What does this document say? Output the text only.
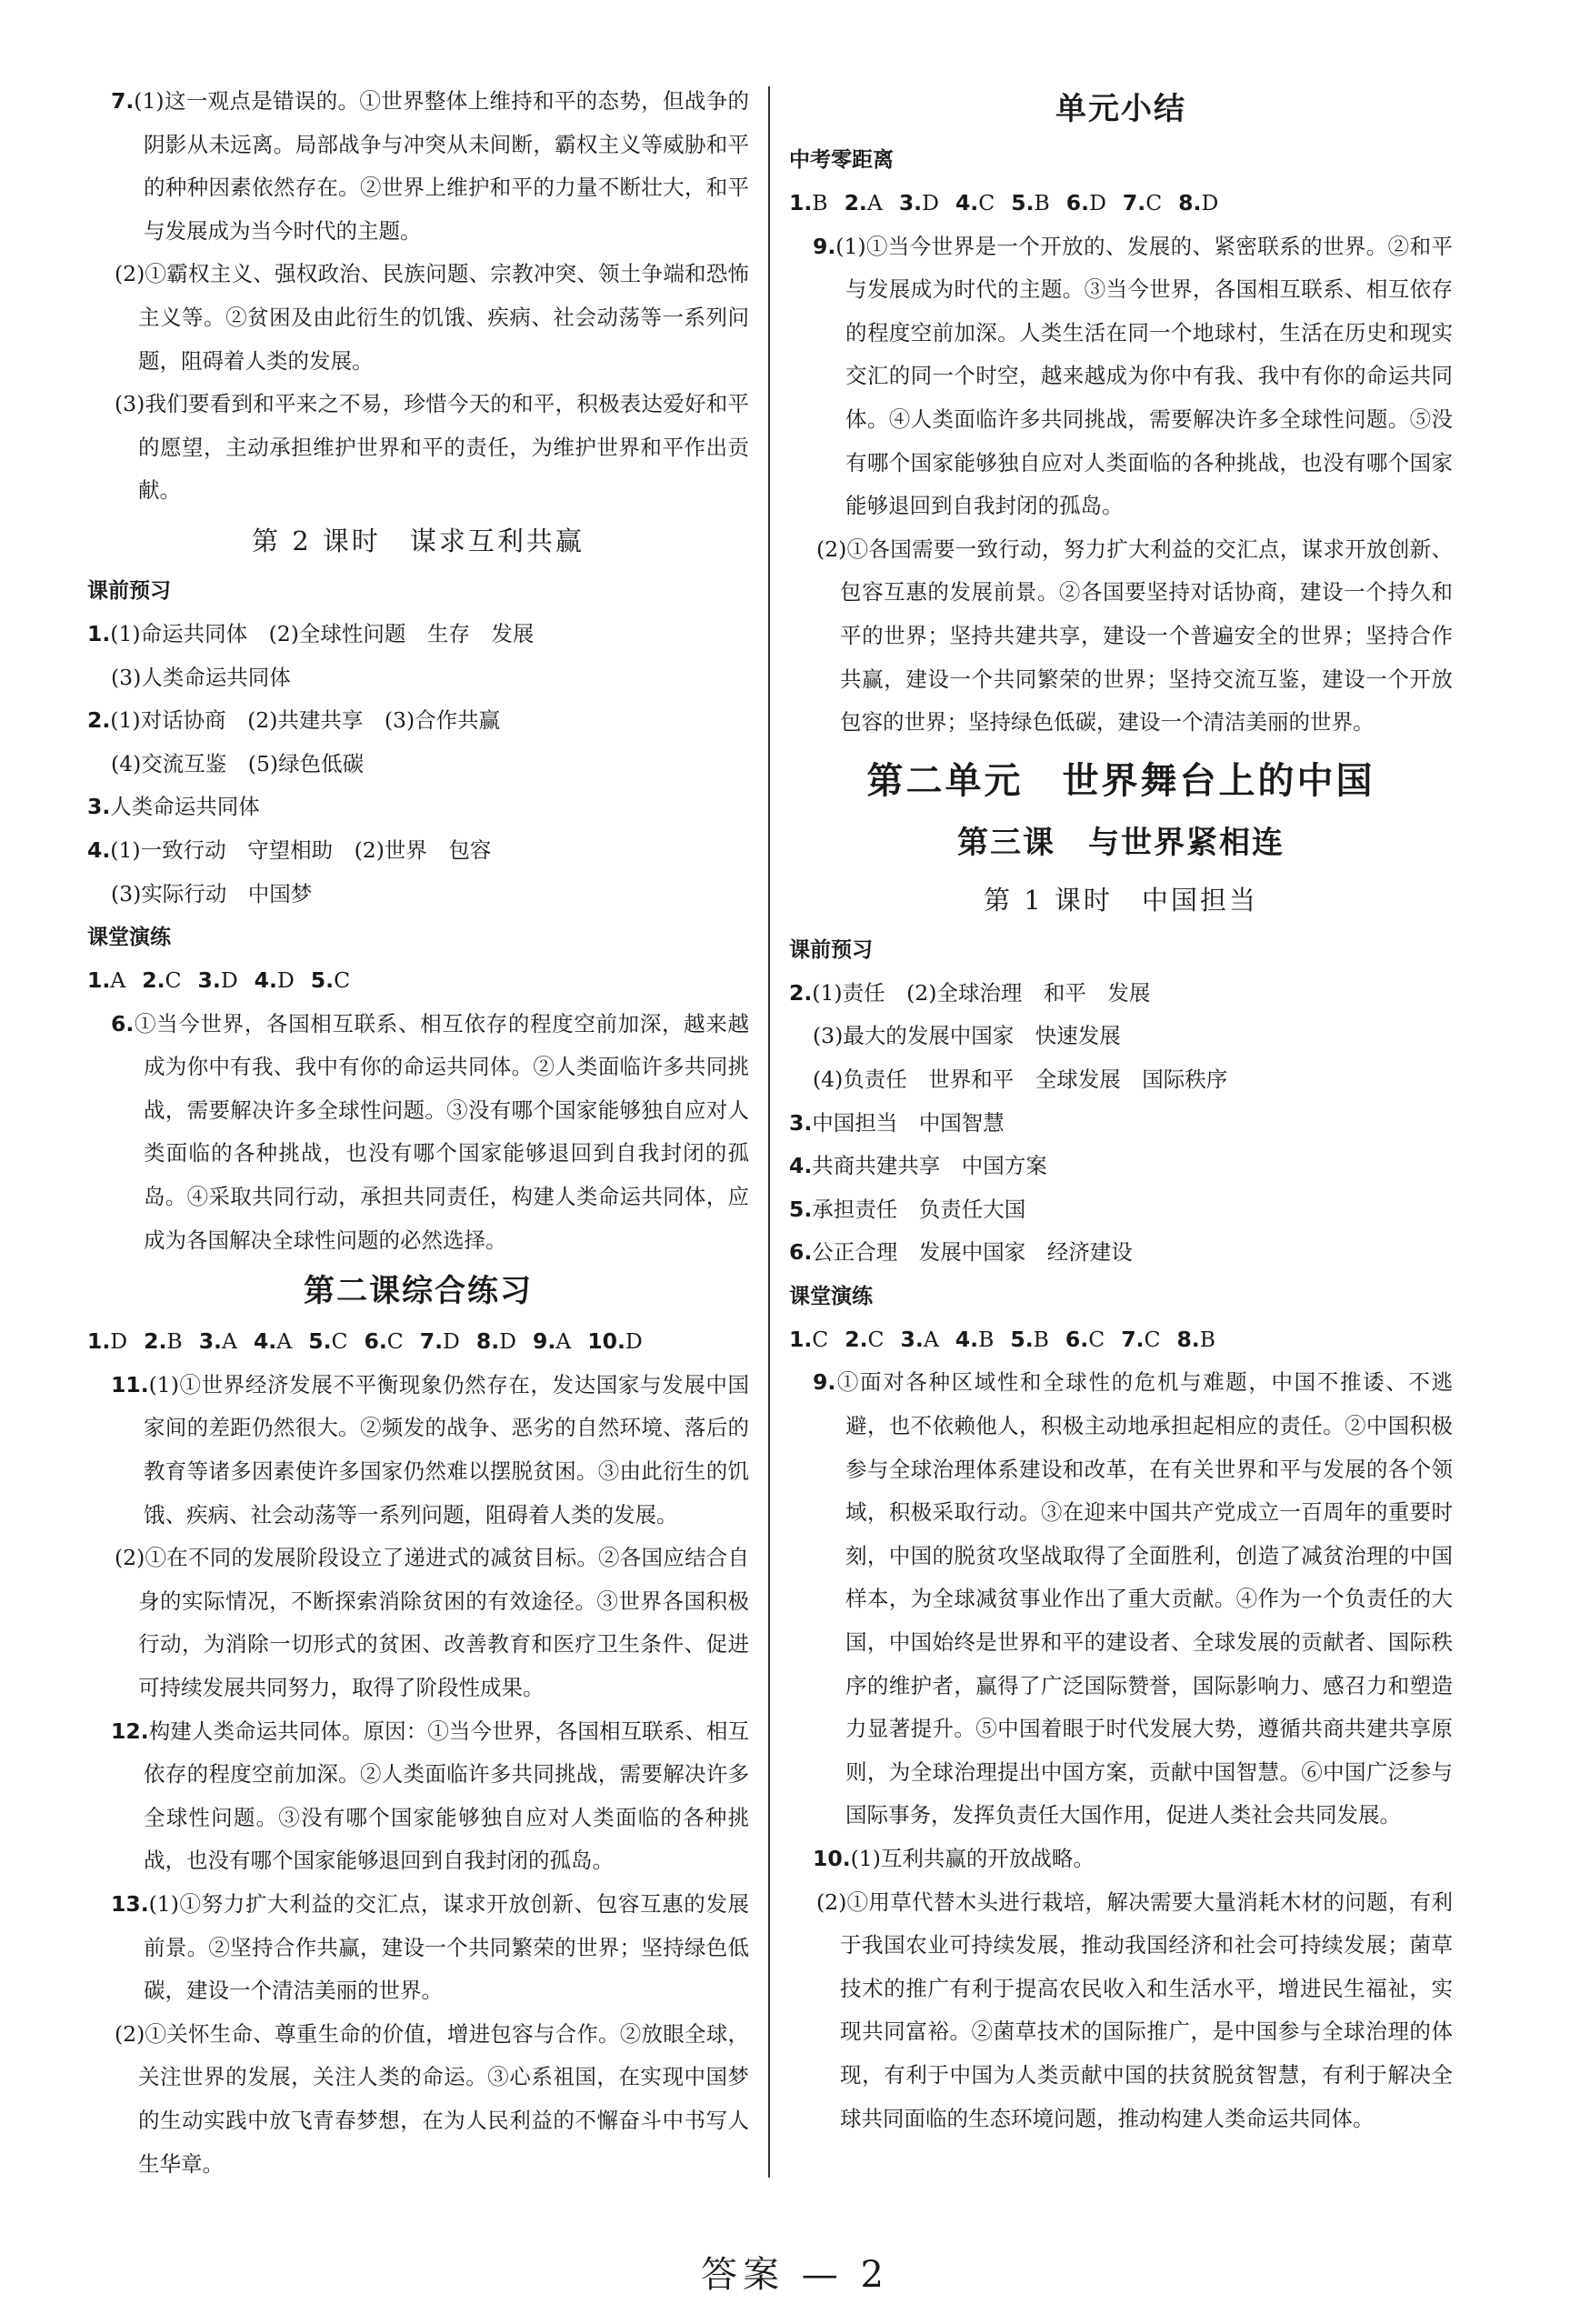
7.(1)这一观点是错误的。①世界整体上维持和平的态势，但战争的阴影从未远离。局部战争与冲突从未间断，霸权主义等威胁和平的种种因素依然存在。②世界上维护和平的力量不断壮大，和平与发展成为当今时代的主题。

(2)①霸权主义、强权政治、民族问题、宗教冲突、领土争端和恐怖主义等。②贫困及由此衍生的饥饿、疾病、社会动荡等一系列问题，阻碍着人类的发展。

(3)我们要看到和平来之不易，珍惜今天的和平，积极表达爱好和平的愿望，主动承担维护世界和平的责任，为维护世界和平作出贡献。

第 2 课时　谋求互利共赢

课前预习

1.(1)命运共同体　(2)全球性问题　生存　发展

(3)人类命运共同体

2.(1)对话协商　(2)共建共享　(3)合作共赢

(4)交流互鉴　(5)绿色低碳

3.人类命运共同体

4.(1)一致行动　守望相助　(2)世界　包容

(3)实际行动　中国梦

课堂演练

1.A 2.C 3.D 4.D 5.C

6.①当今世界，各国相互联系、相互依存的程度空前加深，越来越成为你中有我、我中有你的命运共同体。②人类面临许多共同挑战，需要解决许多全球性问题。③没有哪个国家能够独自应对人类面临的各种挑战，也没有哪个国家能够退回到自我封闭的孤岛。④采取共同行动，承担共同责任，构建人类命运共同体，应成为各国解决全球性问题的必然选择。

第二课综合练习

1.D 2.B 3.A 4.A 5.C 6.C 7.D 8.D 9.A 10.D

11.(1)①世界经济发展不平衡现象仍然存在，发达国家与发展中国家间的差距仍然很大。②频发的战争、恶劣的自然环境、落后的教育等诸多因素使许多国家仍然难以摆脱贫困。③由此衍生的饥饿、疾病、社会动荡等一系列问题，阻碍着人类的发展。

(2)①在不同的发展阶段设立了递进式的减贫目标。②各国应结合自身的实际情况，不断探索消除贫困的有效途径。③世界各国积极行动，为消除一切形式的贫困、改善教育和医疗卫生条件、促进可持续发展共同努力，取得了阶段性成果。

12.构建人类命运共同体。原因：①当今世界，各国相互联系、相互依存的程度空前加深。②人类面临许多共同挑战，需要解决许多全球性问题。③没有哪个国家能够独自应对人类面临的各种挑战，也没有哪个国家能够退回到自我封闭的孤岛。

13.(1)①努力扩大利益的交汇点，谋求开放创新、包容互惠的发展前景。②坚持合作共赢，建设一个共同繁荣的世界；坚持绿色低碳，建设一个清洁美丽的世界。

(2)①关怀生命、尊重生命的价值，增进包容与合作。②放眼全球，关注世界的发展，关注人类的命运。③心系祖国，在实现中国梦的生动实践中放飞青春梦想，在为人民利益的不懈奋斗中书写人生华章。

单元小结

中考零距离

1.B 2.A 3.D 4.C 5.B 6.D 7.C 8.D

9.(1)①当今世界是一个开放的、发展的、紧密联系的世界。②和平与发展成为时代的主题。③当今世界，各国相互联系、相互依存的程度空前加深。人类生活在同一个地球村，生活在历史和现实交汇的同一个时空，越来越成为你中有我、我中有你的命运共同体。④人类面临许多共同挑战，需要解决许多全球性问题。⑤没有哪个国家能够独自应对人类面临的各种挑战，也没有哪个国家能够退回到自我封闭的孤岛。

(2)①各国需要一致行动，努力扩大利益的交汇点，谋求开放创新、包容互惠的发展前景。②各国要坚持对话协商，建设一个持久和平的世界；坚持共建共享，建设一个普遍安全的世界；坚持合作共赢，建设一个共同繁荣的世界；坚持交流互鉴，建设一个开放包容的世界；坚持绿色低碳，建设一个清洁美丽的世界。

第二单元　世界舞台上的中国

第三课　与世界紧相连

第 1 课时　中国担当

课前预习

2.(1)责任　(2)全球治理　和平　发展

(3)最大的发展中国家　快速发展

(4)负责任　世界和平　全球发展　国际秩序

3.中国担当　中国智慧

4.共商共建共享　中国方案

5.承担责任　负责任大国

6.公正合理　发展中国家　经济建设

课堂演练

1.C 2.C 3.A 4.B 5.B 6.C 7.C 8.B

9.①面对各种区域性和全球性的危机与难题，中国不推诿、不逃避，也不依赖他人，积极主动地承担起相应的责任。②中国积极参与全球治理体系建设和改革，在有关世界和平与发展的各个领域，积极采取行动。③在迎来中国共产党成立一百周年的重要时刻，中国的脱贫攻坚战取得了全面胜利，创造了减贫治理的中国样本，为全球减贫事业作出了重大贡献。④作为一个负责任的大国，中国始终是世界和平的建设者、全球发展的贡献者、国际秩序的维护者，赢得了广泛国际赞誉，国际影响力、感召力和塑造力显著提升。⑤中国着眼于时代发展大势，遵循共商共建共享原则，为全球治理提出中国方案，贡献中国智慧。⑥中国广泛参与国际事务，发挥负责任大国作用，促进人类社会共同发展。

10.(1)互利共赢的开放战略。

(2)①用草代替木头进行栽培，解决需要大量消耗木材的问题，有利于我国农业可持续发展，推动我国经济和社会可持续发展；菌草技术的推广有利于提高农民收入和生活水平，增进民生福祉，实现共同富裕。②菌草技术的国际推广，是中国参与全球治理的体现，有利于中国为人类贡献中国的扶贫脱贫智慧，有利于解决全球共同面临的生态环境问题，推动构建人类命运共同体。

答案 — 2
